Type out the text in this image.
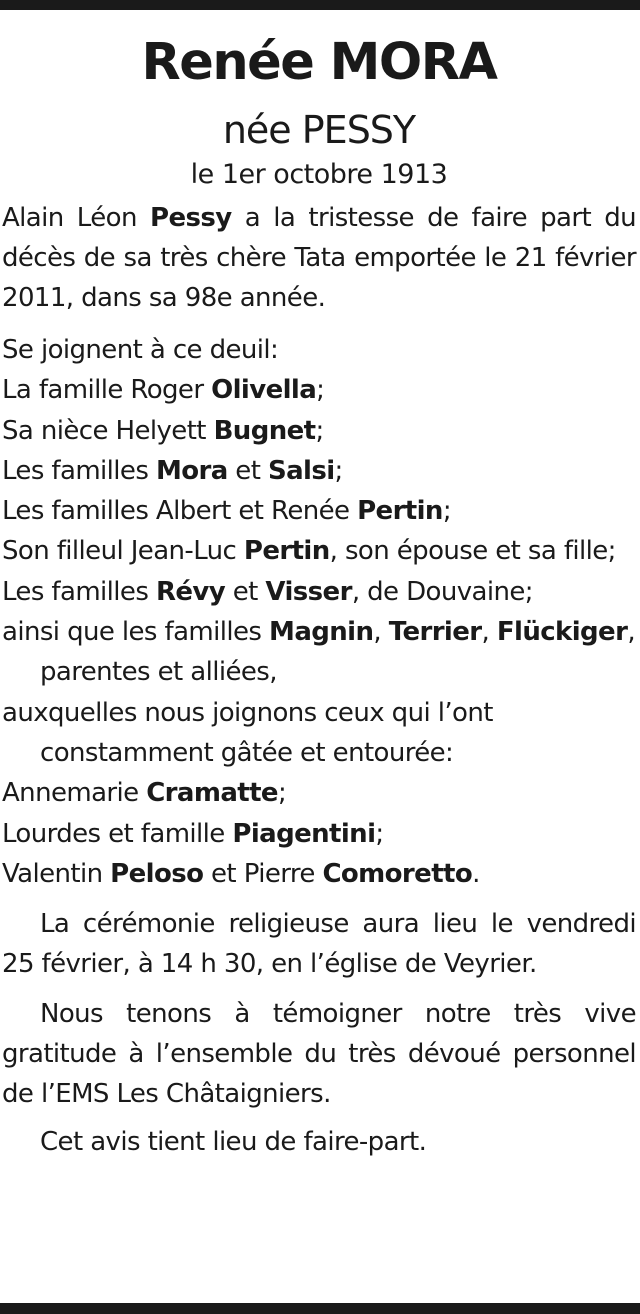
Renée MORA

née PESSY

le 1er octobre 1913

Alain Léon Pessy a la tristesse de faire part du décès de sa très chère Tata emportée le 21 février 2011, dans sa 98e année.

Se joignent à ce deuil:
La famille Roger Olivella;
Sa nièce Helyett Bugnet;
Les familles Mora et Salsi;
Les familles Albert et Renée Pertin;
Son filleul Jean-Luc Pertin, son épouse et sa fille;
Les familles Révy et Visser, de Douvaine;
ainsi que les familles Magnin, Terrier, Flückiger, parentes et alliées,
auxquelles nous joignons ceux qui l’ont constamment gâtée et entourée:
Annemarie Cramatte;
Lourdes et famille Piagentini;
Valentin Peloso et Pierre Comoretto.

La cérémonie religieuse aura lieu le vendredi 25 février, à 14 h 30, en l’église de Veyrier.

Nous tenons à témoigner notre très vive gratitude à l’ensemble du très dévoué personnel de l’EMS Les Châtaigniers.

Cet avis tient lieu de faire-part.
